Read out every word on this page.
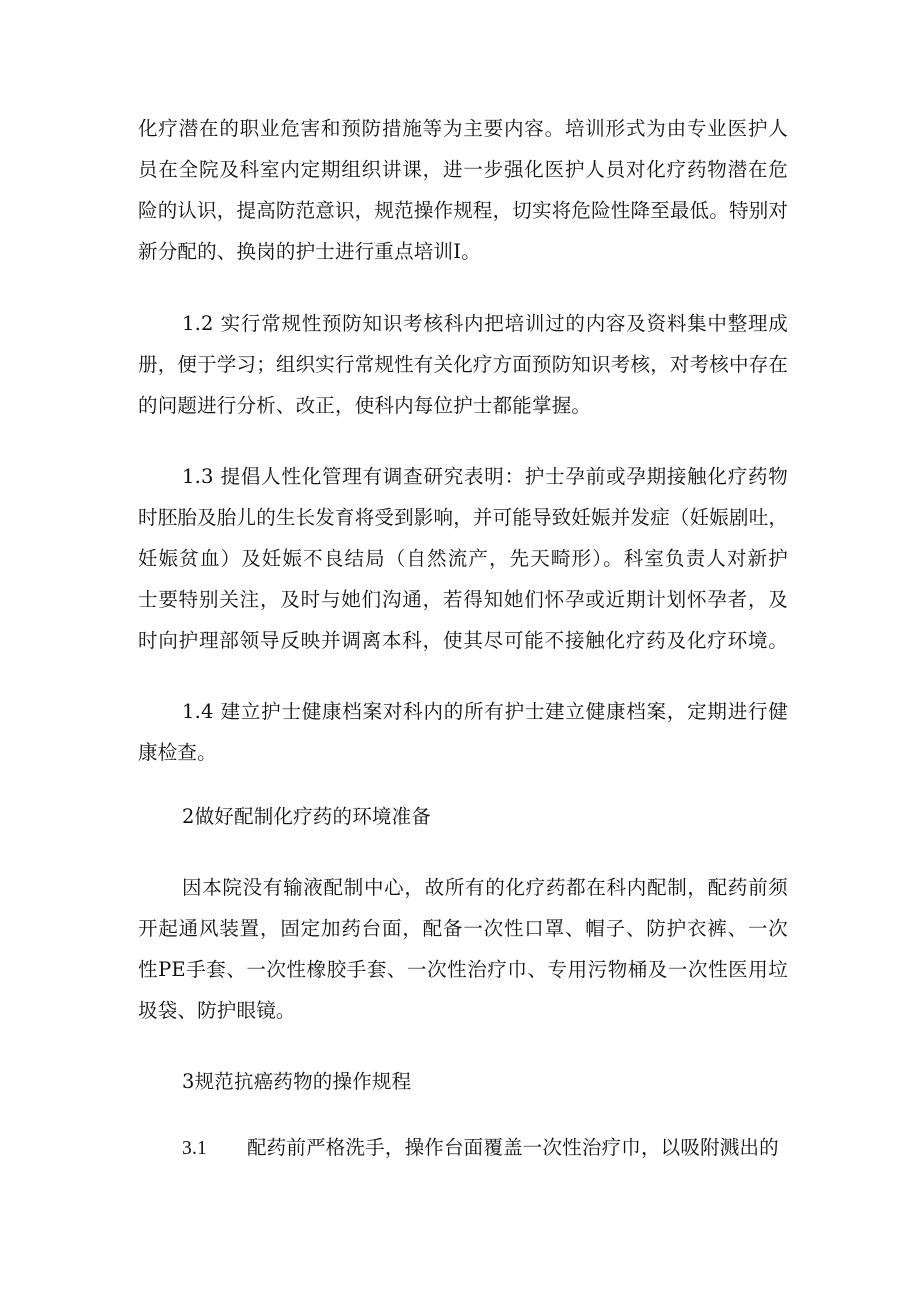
化疗潜在的职业危害和预防措施等为主要内容。培训形式为由专业医护人
员在全院及科室内定期组织讲课，进一步强化医护人员对化疗药物潜在危
险的认识，提高防范意识，规范操作规程，切实将危险性降至最低。特别对
新分配的、换岗的护士进行重点培训I。
1.2 实行常规性预防知识考核科内把培训过的内容及资料集中整理成
册，便于学习；组织实行常规性有关化疗方面预防知识考核，对考核中存在
的问题进行分析、改正，使科内每位护士都能掌握。
1.3 提倡人性化管理有调查研究表明：护士孕前或孕期接触化疗药物
时胚胎及胎儿的生长发育将受到影响，并可能导致妊娠并发症（妊娠剧吐，
妊娠贫血）及妊娠不良结局（自然流产，先天畸形）。科室负责人对新护
士要特别关注，及时与她们沟通，若得知她们怀孕或近期计划怀孕者，及
时向护理部领导反映并调离本科，使其尽可能不接触化疗药及化疗环境。
1.4 建立护士健康档案对科内的所有护士建立健康档案，定期进行健
康检查。
2做好配制化疗药的环境准备
因本院没有输液配制中心，故所有的化疗药都在科内配制，配药前须
开起通风装置，固定加药台面，配备一次性口罩、帽子、防护衣裤、一次
性PE手套、一次性橡胶手套、一次性治疗巾、专用污物桶及一次性医用垃
圾袋、防护眼镜。
3规范抗癌药物的操作规程
3.1 配药前严格洗手，操作台面覆盖一次性治疗巾，以吸附溅出的
